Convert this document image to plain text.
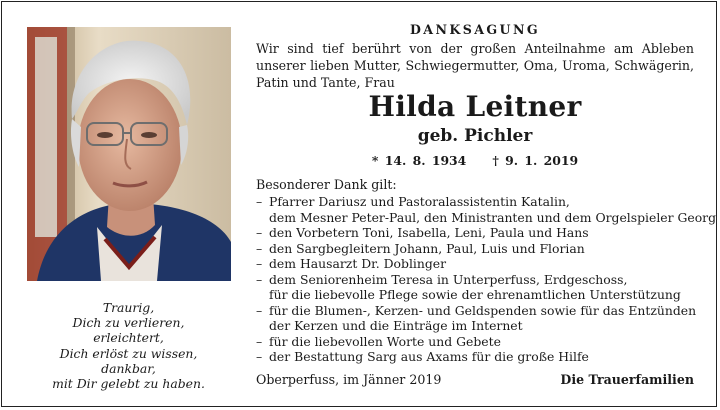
Traurig,
Dich zu verlieren,
erleichtert,
Dich erlöst zu wissen,
dankbar,
mit Dir gelebt zu haben.
DANKSAGUNG
Wir sind tief berührt von der großen Anteilnahme am Ableben unserer lieben Mutter, Schwiegermutter, Oma, Uroma, Schwägerin, Patin und Tante, Frau
Hilda Leitner
geb. Pichler
* 14. 8. 1934 † 9. 1. 2019
Besonderer Dank gilt:
– Pfarrer Dariusz und Pastoralassistentin Katalin,
dem Mesner Peter-Paul, den Ministranten und dem Orgelspieler Georg
– den Vorbetern Toni, Isabella, Leni, Paula und Hans
– den Sargbegleitern Johann, Paul, Luis und Florian
– dem Hausarzt Dr. Doblinger
– dem Seniorenheim Teresa in Unterperfuss, Erdgeschoss,
für die liebevolle Pflege sowie der ehrenamtlichen Unterstützung
– für die Blumen-, Kerzen- und Geldspenden sowie für das Entzünden
der Kerzen und die Einträge im Internet
– für die liebevollen Worte und Gebete
– der Bestattung Sarg aus Axams für die große Hilfe
Oberperfuss, im Jänner 2019	Die Trauerfamilien
